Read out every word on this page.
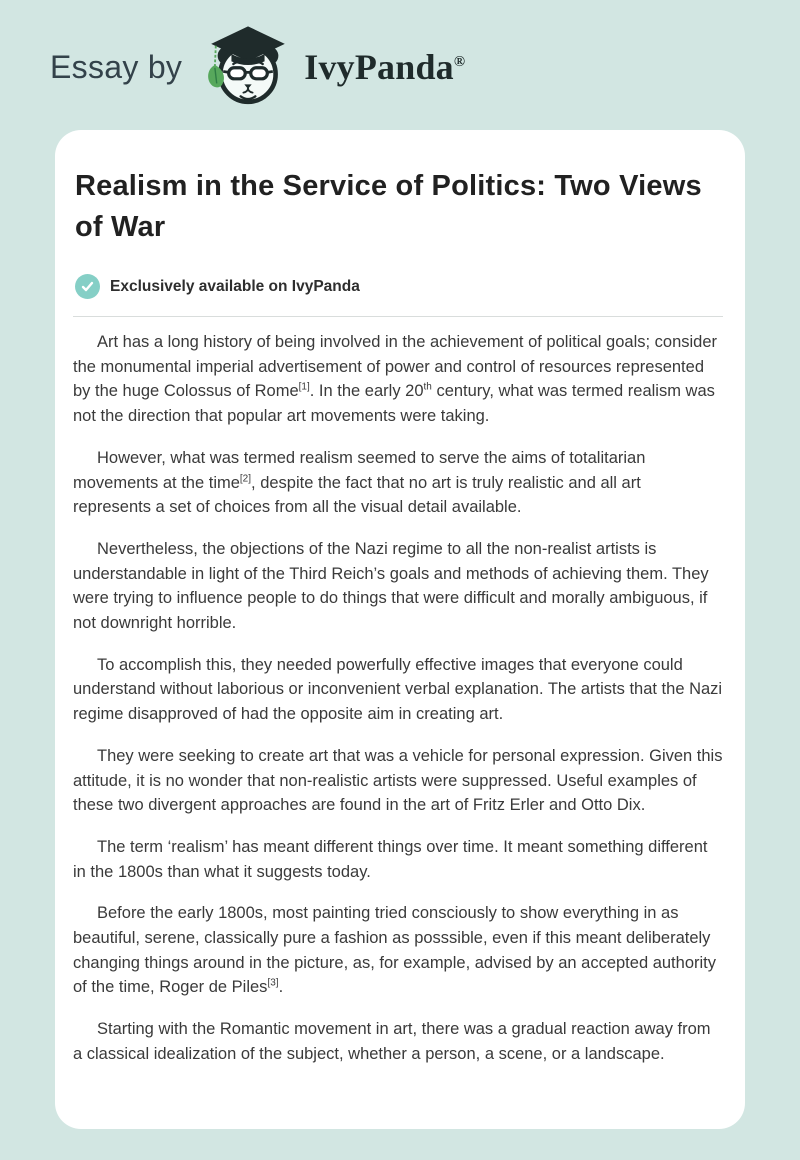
Essay by	IvyPanda®
Realism in the Service of Politics: Two Views of War
Exclusively available on IvyPanda

Art has a long history of being involved in the achievement of political goals; consider the monumental imperial advertisement of power and control of resources represented by the huge Colossus of Rome[1]. In the early 20th century, what was termed realism was not the direction that popular art movements were taking.

However, what was termed realism seemed to serve the aims of totalitarian movements at the time[2], despite the fact that no art is truly realistic and all art represents a set of choices from all the visual detail available.

Nevertheless, the objections of the Nazi regime to all the non-realist artists is understandable in light of the Third Reich’s goals and methods of achieving them. They were trying to influence people to do things that were difficult and morally ambiguous, if not downright horrible.

To accomplish this, they needed powerfully effective images that everyone could understand without laborious or inconvenient verbal explanation. The artists that the Nazi regime disapproved of had the opposite aim in creating art.

They were seeking to create art that was a vehicle for personal expression. Given this attitude, it is no wonder that non-realistic artists were suppressed. Useful examples of these two divergent approaches are found in the art of Fritz Erler and Otto Dix.

The term ‘realism’ has meant different things over time. It meant something different in the 1800s than what it suggests today.

Before the early 1800s, most painting tried consciously to show everything in as beautiful, serene, classically pure a fashion as posssible, even if this meant deliberately changing things around in the picture, as, for example, advised by an accepted authority of the time, Roger de Piles[3].

Starting with the Romantic movement in art, there was a gradual reaction away from a classical idealization of the subject, whether a person, a scene, or a landscape.
